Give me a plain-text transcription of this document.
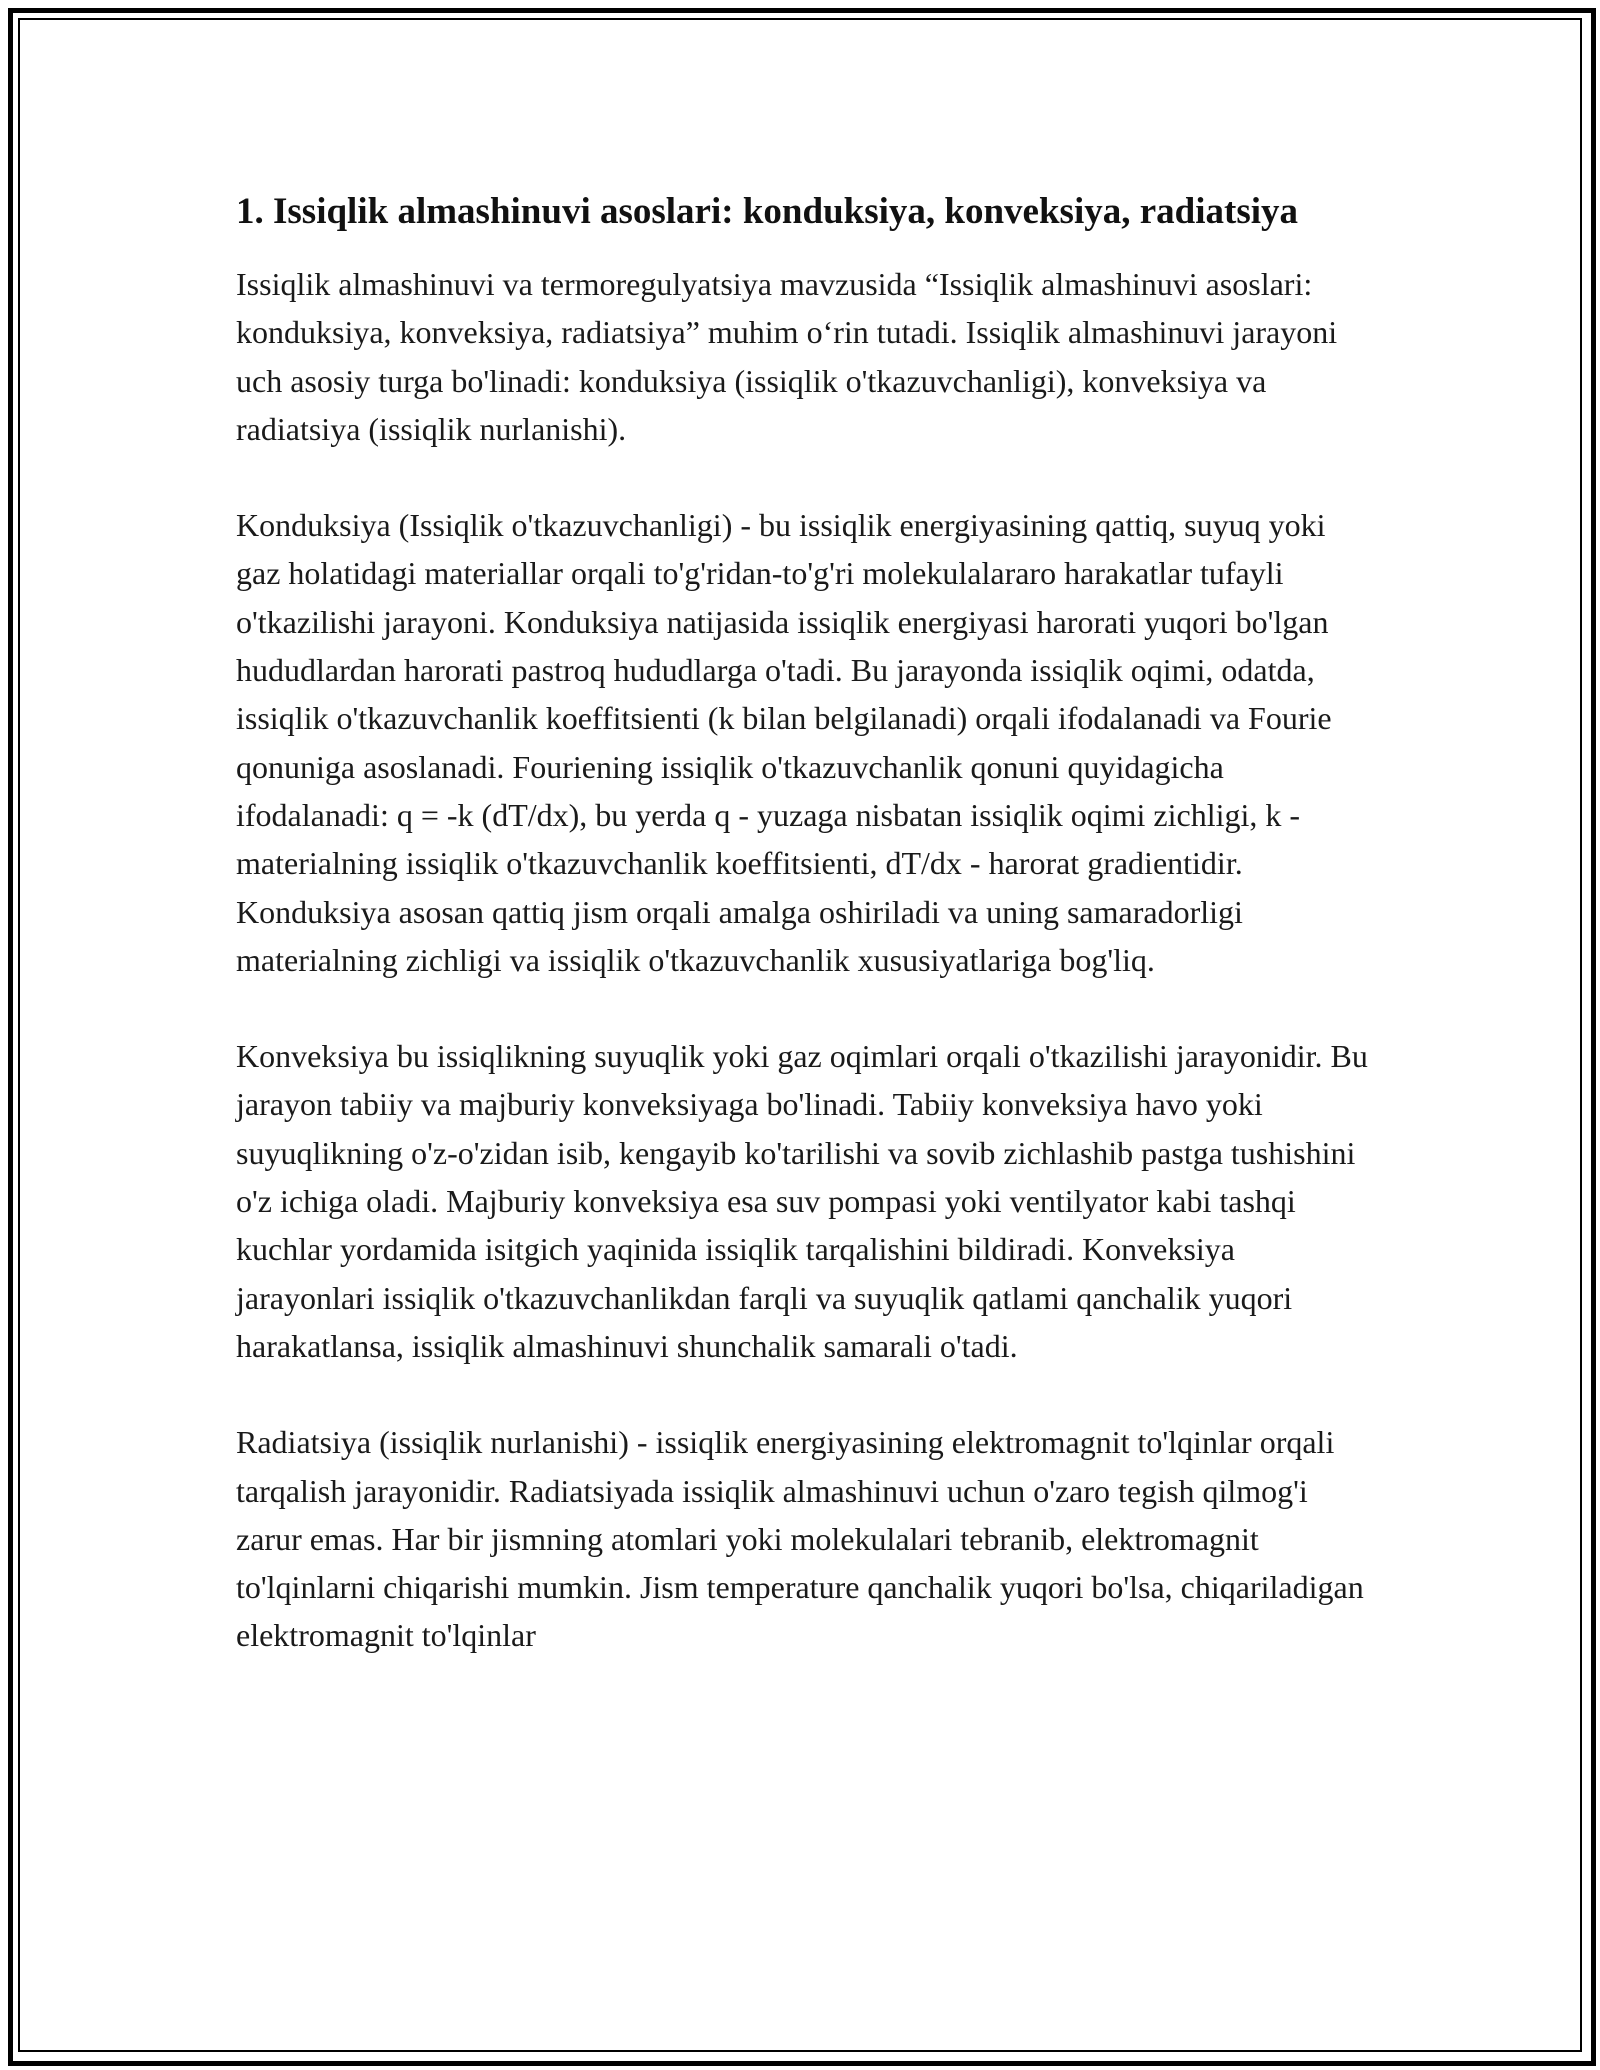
1. Issiqlik almashinuvi asoslari: konduksiya, konveksiya, radiatsiya

Issiqlik almashinuvi va termoregulyatsiya mavzusida “Issiqlik almashinuvi asoslari: konduksiya, konveksiya, radiatsiya” muhim o‘rin tutadi. Issiqlik almashinuvi jarayoni uch asosiy turga bo'linadi: konduksiya (issiqlik o'tkazuvchanligi), konveksiya va radiatsiya (issiqlik nurlanishi).

Konduksiya (Issiqlik o'tkazuvchanligi) - bu issiqlik energiyasining qattiq, suyuq yoki gaz holatidagi materiallar orqali to'g'ridan-to'g'ri molekulalararo harakatlar tufayli o'tkazilishi jarayoni. Konduksiya natijasida issiqlik energiyasi harorati yuqori bo'lgan hududlardan harorati pastroq hududlarga o'tadi. Bu jarayonda issiqlik oqimi, odatda, issiqlik o'tkazuvchanlik koeffitsienti (k bilan belgilanadi) orqali ifodalanadi va Fourie qonuniga asoslanadi. Fouriening issiqlik o'tkazuvchanlik qonuni quyidagicha ifodalanadi: q = -k (dT/dx), bu yerda q - yuzaga nisbatan issiqlik oqimi zichligi, k - materialning issiqlik o'tkazuvchanlik koeffitsienti, dT/dx - harorat gradientidir. Konduksiya asosan qattiq jism orqali amalga oshiriladi va uning samaradorligi materialning zichligi va issiqlik o'tkazuvchanlik xususiyatlariga bog'liq.

Konveksiya bu issiqlikning suyuqlik yoki gaz oqimlari orqali o'tkazilishi jarayonidir. Bu jarayon tabiiy va majburiy konveksiyaga bo'linadi. Tabiiy konveksiya havo yoki suyuqlikning o'z-o'zidan isib, kengayib ko'tarilishi va sovib zichlashib pastga tushishini o'z ichiga oladi. Majburiy konveksiya esa suv pompasi yoki ventilyator kabi tashqi kuchlar yordamida isitgich yaqinida issiqlik tarqalishini bildiradi. Konveksiya jarayonlari issiqlik o'tkazuvchanlikdan farqli va suyuqlik qatlami qanchalik yuqori harakatlansa, issiqlik almashinuvi shunchalik samarali o'tadi.

Radiatsiya (issiqlik nurlanishi) - issiqlik energiyasining elektromagnit to'lqinlar orqali tarqalish jarayonidir. Radiatsiyada issiqlik almashinuvi uchun o'zaro tegish qilmog'i zarur emas. Har bir jismning atomlari yoki molekulalari tebranib, elektromagnit to'lqinlarni chiqarishi mumkin. Jism temperature qanchalik yuqori bo'lsa, chiqariladigan elektromagnit to'lqinlar
